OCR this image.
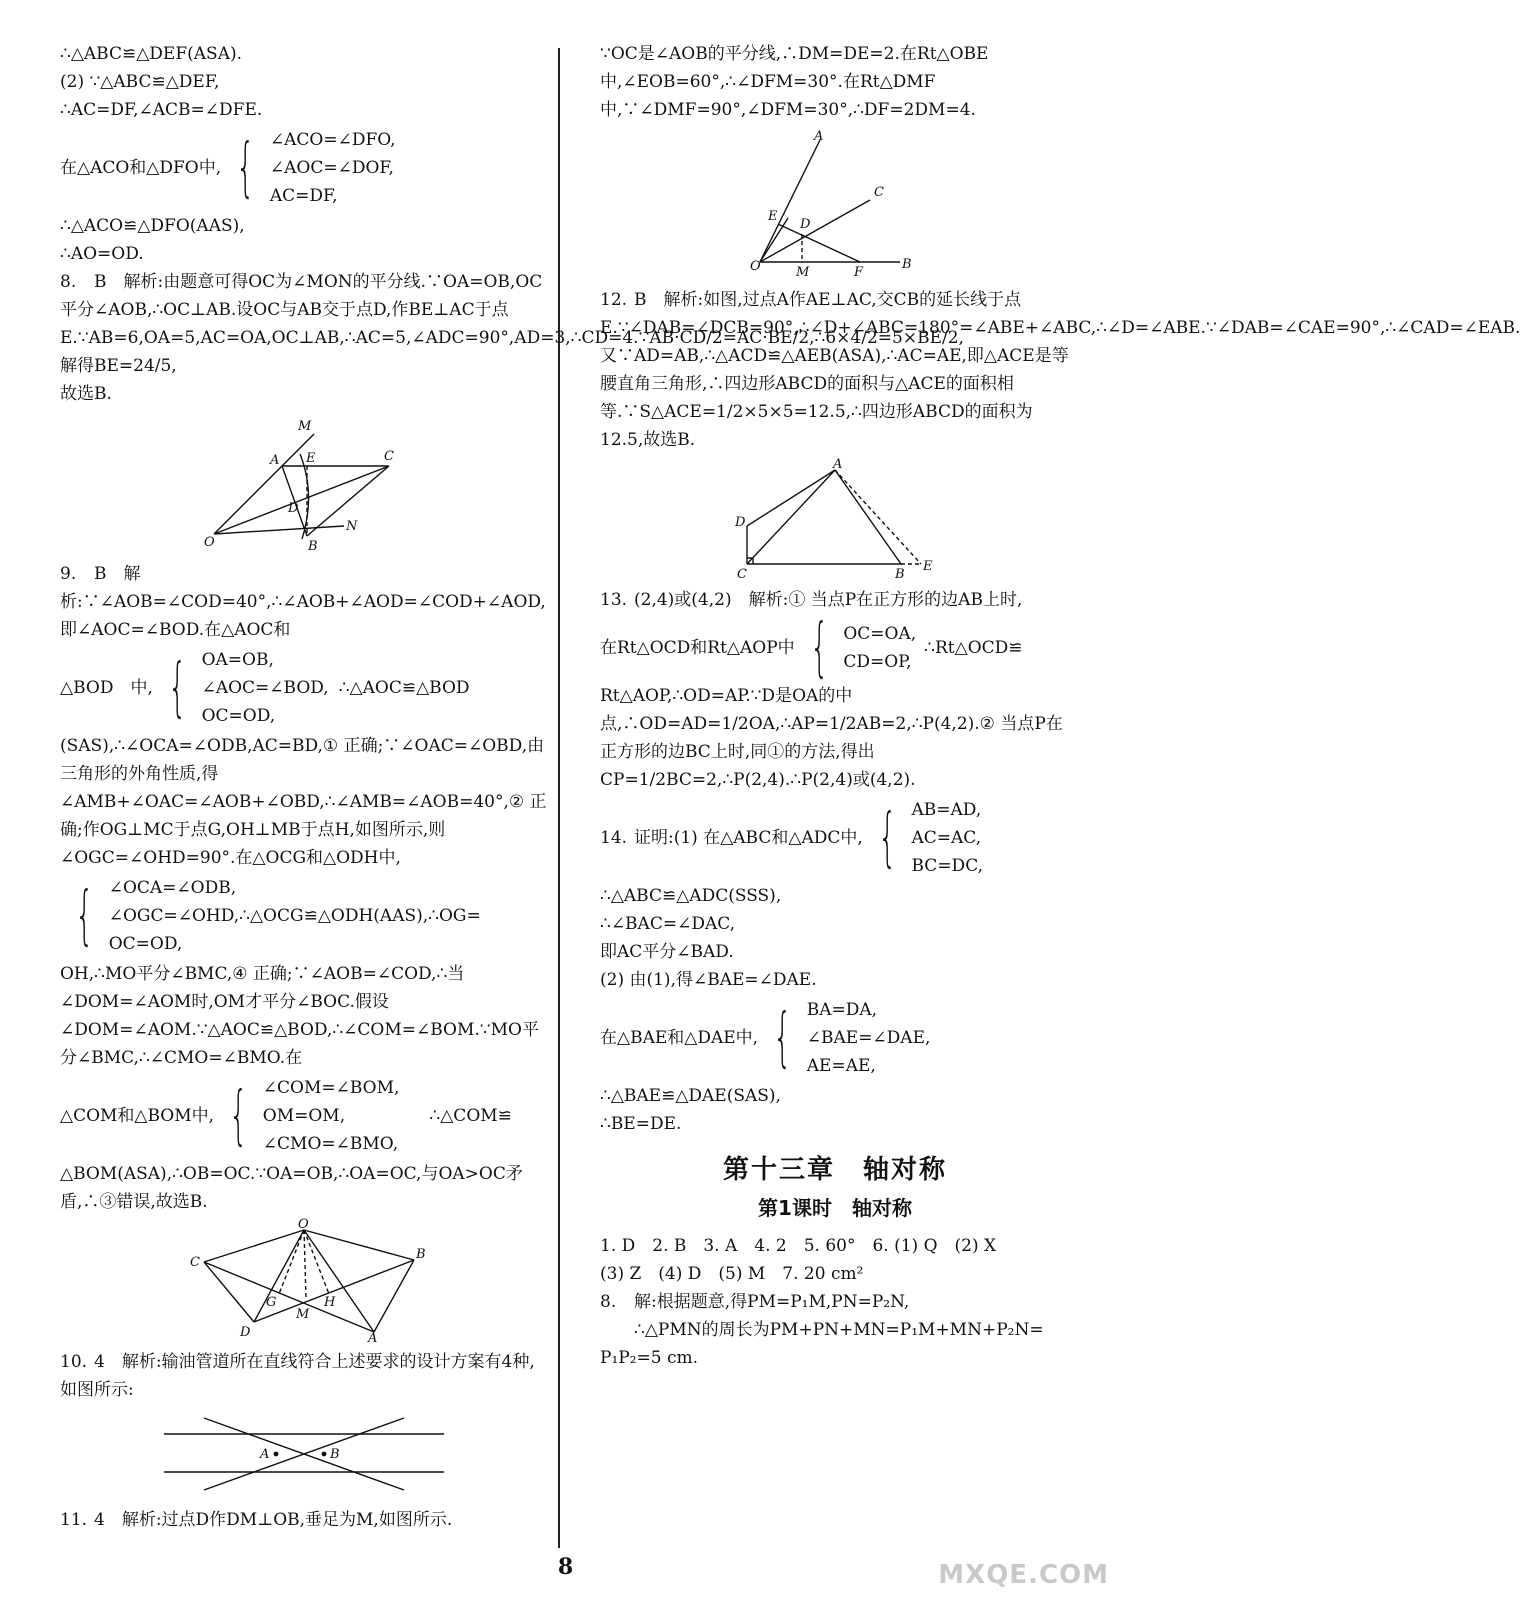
∴△ABC≌△DEF(ASA).
(2) ∵△ABC≌△DEF,
∴AC=DF,∠ACB=∠DFE.
在△ACO和△DFO中, { ∠ACO=∠DFO,
∠AOC=∠DOF,
AC=DF,
∴△ACO≌△DFO(AAS),
∴AO=OD.
8. B　解析:由题意可得OC为∠MON的平分线.∵OA=OB,OC平分∠AOB,∴OC⊥AB.设OC与AB交于点D,作BE⊥AC于点E.∵AB=6,OA=5,AC=OA,OC⊥AB,∴AC=5,∠ADC=90°,AD=3,∴CD=4.∵AB·CD/2=AC·BE/2,∴6×4/2=5×BE/2,解得BE=24/5,
故选B.
M
A E	C
D
O	B
N
9. B　解析:∵∠AOB=∠COD=40°,∴∠AOB+∠AOD=∠COD+∠AOD,即∠AOC=∠BOD.在△AOC和
△BOD　中, { OA=OB,
∠AOC=∠BOD,
OC=OD,
∴△AOC≌△BOD
(SAS),∴∠OCA=∠ODB,AC=BD,① 正确;∵∠OAC=∠OBD,由三角形的外角性质,得∠AMB+∠OAC=∠AOB+∠OBD,∴∠AMB=∠AOB=40°,② 正确;作OG⊥MC于点G,OH⊥MB于点H,如图所示,则∠OGC=∠OHD=90°.在△OCG和△ODH中,
{ ∠OCA=∠ODB,
∠OGC=∠OHD,∴△OCG≌△ODH(AAS),∴OG=
OC=OD,
OH,∴MO平分∠BMC,④ 正确;∵∠AOB=∠COD,∴当∠DOM=∠AOM时,OM才平分∠BOC.假设∠DOM=∠AOM.∵△AOC≌△BOD,∴∠COM=∠BOM.∵MO平分∠BMC,∴∠CMO=∠BMO.在
△COM和△BOM中, { ∠COM=∠BOM,
OM=OM,
∠CMO=∠BMO,
∴△COM≌
△BOM(ASA),∴OB=OC.∵OA=OB,∴OA=OC,与OA>OC矛盾,∴③错误,故选B.
O
C
B
G	H
M
D	A
10. 4　解析:输油管道所在直线符合上述要求的设计方案有4种,如图所示:
A	B
11. 4　解析:过点D作DM⊥OB,垂足为M,如图所示.
∵OC是∠AOB的平分线,∴DM=DE=2.在Rt△OBE中,∠EOB=60°,∴∠DFM=30°.在Rt△DMF中,∵∠DMF=90°,∠DFM=30°,∴DF=2DM=4.
A
C
E
D
O	M	F
B
12. B　解析:如图,过点A作AE⊥AC,交CB的延长线于点E.∵∠DAB=∠DCB=90°,∴∠D+∠ABC=180°=∠ABE+∠ABC,∴∠D=∠ABE.∵∠DAB=∠CAE=90°,∴∠CAD=∠EAB.又∵AD=AB,∴△ACD≌△AEB(ASA),∴AC=AE,即△ACE是等腰直角三角形,∴四边形ABCD的面积与△ACE的面积相等.∵S△ACE=1/2×5×5=12.5,∴四边形ABCD的面积为12.5,故选B.
A
D
C	B
E
13. (2,4)或(4,2)　解析:① 当点P在正方形的边AB上时,
在Rt△OCD和Rt△AOP中 { OC=OA,
CD=OP,
∴Rt△OCD≌
Rt△AOP,∴OD=AP.∵D是OA的中点,∴OD=AD=1/2OA,∴AP=1/2AB=2,∴P(4,2).② 当点P在正方形的边BC上时,同①的方法,得出CP=1/2BC=2,∴P(2,4).∴P(2,4)或(4,2).
14. 证明:(1) 在△ABC和△ADC中, { AB=AD,
AC=AC,
BC=DC,
∴△ABC≌△ADC(SSS),
∴∠BAC=∠DAC,
即AC平分∠BAD.
(2) 由(1),得∠BAE=∠DAE.
在△BAE和△DAE中, { BA=DA,
∠BAE=∠DAE,
AE=AE,
∴△BAE≌△DAE(SAS),
∴BE=DE.
第十三章　轴对称
第1课时　轴对称
1. D　2. B　3. A　4. 2　5. 60°　6. (1) Q　(2) X
(3) Z　(4) D　(5) M　7. 20 cm²
8. 解:根据题意,得PM=P₁M,PN=P₂N,
∴△PMN的周长为PM+PN+MN=P₁M+MN+P₂N=
P₁P₂=5 cm.
8	MXQE.COM
